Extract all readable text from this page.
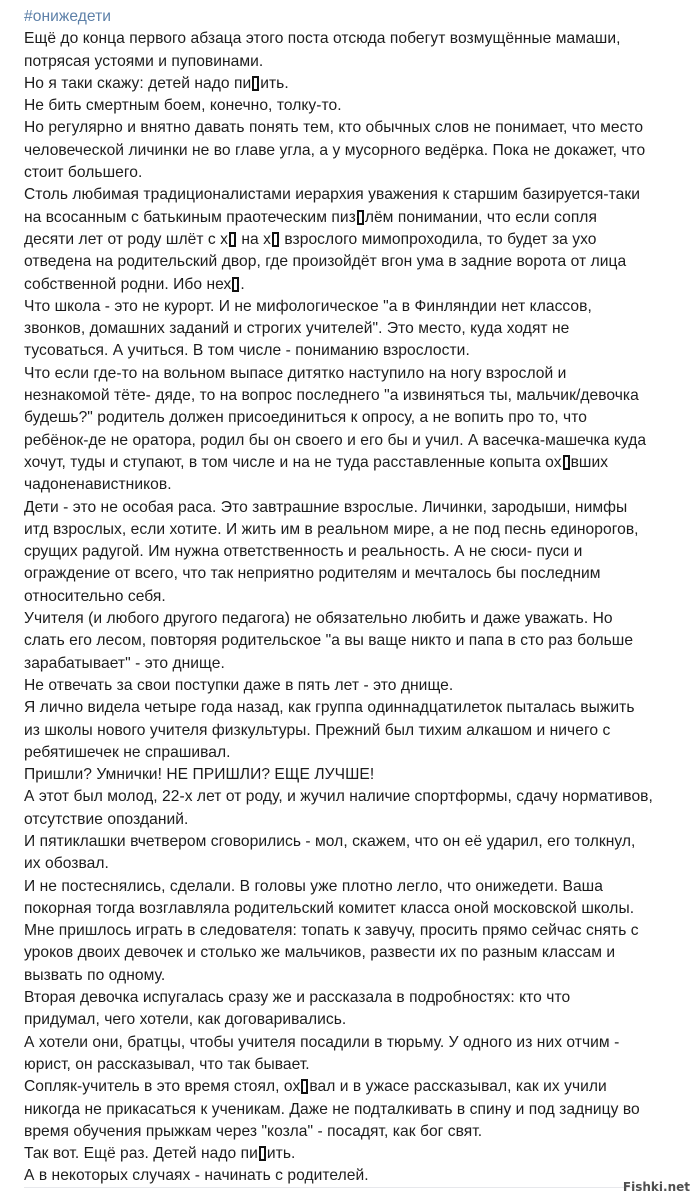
#онижедети
Ещё до конца первого абзаца этого поста отсюда побегут возмущённые мамаши,
потрясая устоями и пуповинами.
Но я таки скажу: детей надо пи ить.
Не бить смертным боем, конечно, толку-то.
Но регулярно и внятно давать понять тем, кто обычных слов не понимает, что место
человеческой личинки не во главе угла, а у мусорного ведёрка. Пока не докажет, что
стоит большего.
Столь любимая традиционалистами иерархия уважения к старшим базируется-таки
на всосанным с батькиным праотеческим пиз лём понимании, что если сопля
десяти лет от роду шлёт с х на х взрослого мимопроходила, то будет за ухо
отведена на родительский двор, где произойдёт вгон ума в задние ворота от лица
собственной родни. Ибо нех .
Что школа - это не курорт. И не мифологическое "а в Финляндии нет классов,
звонков, домашних заданий и строгих учителей". Это место, куда ходят не
тусоваться. А учиться. В том числе - пониманию взрослости.
Что если где-то на вольном выпасе дитятко наступило на ногу взрослой и
незнакомой тёте- дяде, то на вопрос последнего "а извиняться ты, мальчик/девочка
будешь?" родитель должен присоединиться к опросу, а не вопить про то, что
ребёнок-де не оратора, родил бы он своего и его бы и учил. А васечка-машечка куда
хочут, туды и ступают, в том числе и на не туда расставленные копыта ох вших
чадоненавистников.
Дети - это не особая раса. Это завтрашние взрослые. Личинки, зародыши, нимфы
итд взрослых, если хотите. И жить им в реальном мире, а не под песнь единорогов,
срущих радугой. Им нужна ответственность и реальность. А не сюси- пуси и
ограждение от всего, что так неприятно родителям и мечталось бы последним
относительно себя.
Учителя (и любого другого педагога) не обязательно любить и даже уважать. Но
слать его лесом, повторяя родительское "а вы ваще никто и папа в сто раз больше
зарабатывает" - это днище.
Не отвечать за свои поступки даже в пять лет - это днище.
Я лично видела четыре года назад, как группа одиннадцатилеток пыталась выжить
из школы нового учителя физкультуры. Прежний был тихим алкашом и ничего с
ребятишечек не спрашивал.
Пришли? Умнички! НЕ ПРИШЛИ? ЕЩЕ ЛУЧШЕ!
А этот был молод, 22-х лет от роду, и жучил наличие спортформы, сдачу нормативов,
отсутствие опозданий.
И пятиклашки вчетвером сговорились - мол, скажем, что он её ударил, его толкнул,
их обозвал.
И не постеснялись, сделали. В головы уже плотно легло, что онижедети. Ваша
покорная тогда возглавляла родительский комитет класса оной московской школы.
Мне пришлось играть в следователя: топать к завучу, просить прямо сейчас снять с
уроков двоих девочек и столько же мальчиков, развести их по разным классам и
вызвать по одному.
Вторая девочка испугалась сразу же и рассказала в подробностях: кто что
придумал, чего хотели, как договаривались.
А хотели они, братцы, чтобы учителя посадили в тюрьму. У одного из них отчим -
юрист, он рассказывал, что так бывает.
Сопляк-учитель в это время стоял, ох вал и в ужасе рассказывал, как их учили
никогда не прикасаться к ученикам. Даже не подталкивать в спину и под задницу во
время обучения прыжкам через "козла" - посадят, как бог свят.
Так вот. Ещё раз. Детей надо пи ить.
А в некоторых случаях - начинать с родителей.
Fishki.net
